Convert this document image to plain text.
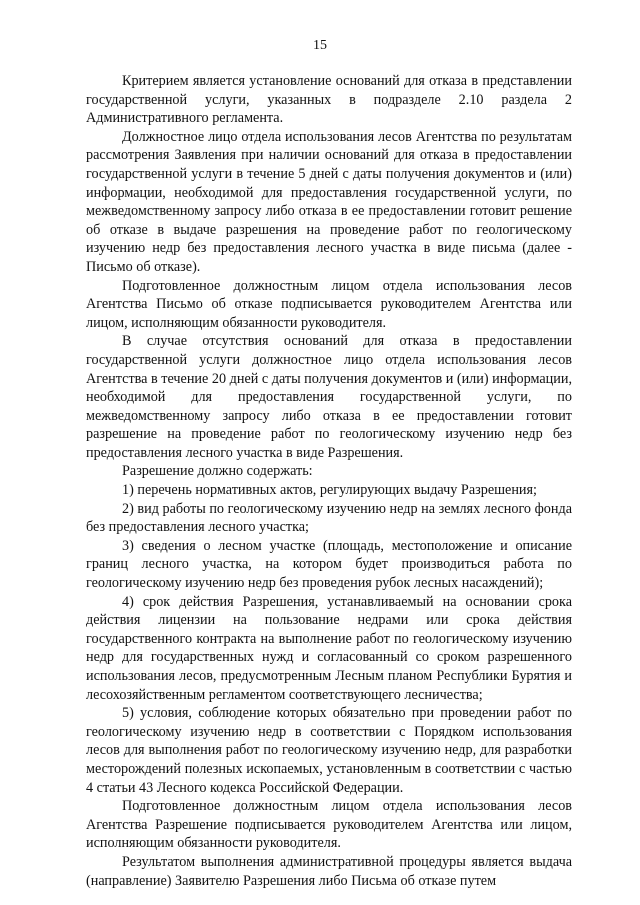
15

Критерием является установление оснований для отказа в представлении государственной услуги, указанных в подразделе 2.10 раздела 2 Административного регламента.

Должностное лицо отдела использования лесов Агентства по результатам рассмотрения Заявления при наличии оснований для отказа в предоставлении государственной услуги в течение 5 дней с даты получения документов и (или) информации, необходимой для предоставления государственной услуги, по межведомственному запросу либо отказа в ее предоставлении готовит решение об отказе в выдаче разрешения на проведение работ по геологическому изучению недр без предоставления лесного участка в виде письма (далее - Письмо об отказе).

Подготовленное должностным лицом отдела использования лесов Агентства Письмо об отказе подписывается руководителем Агентства или лицом, исполняющим обязанности руководителя.

В случае отсутствия оснований для отказа в предоставлении государственной услуги должностное лицо отдела использования лесов Агентства в течение 20 дней с даты получения документов и (или) информации, необходимой для предоставления государственной услуги, по межведомственному запросу либо отказа в ее предоставлении готовит разрешение на проведение работ по геологическому изучению недр без предоставления лесного участка в виде Разрешения.

Разрешение должно содержать:

1) перечень нормативных актов, регулирующих выдачу Разрешения;

2) вид работы по геологическому изучению недр на землях лесного фонда без предоставления лесного участка;

3) сведения о лесном участке (площадь, местоположение и описание границ лесного участка, на котором будет производиться работа по геологическому изучению недр без проведения рубок лесных насаждений);

4) срок действия Разрешения, устанавливаемый на основании срока действия лицензии на пользование недрами или срока действия государственного контракта на выполнение работ по геологическому изучению недр для государственных нужд и согласованный со сроком разрешенного использования лесов, предусмотренным Лесным планом Республики Бурятия и лесохозяйственным регламентом соответствующего лесничества;

5) условия, соблюдение которых обязательно при проведении работ по геологическому изучению недр в соответствии с Порядком использования лесов для выполнения работ по геологическому изучению недр, для разработки месторождений полезных ископаемых, установленным в соответствии с частью 4 статьи 43 Лесного кодекса Российской Федерации.

Подготовленное должностным лицом отдела использования лесов Агентства Разрешение подписывается руководителем Агентства или лицом, исполняющим обязанности руководителя.

Результатом выполнения административной процедуры является выдача (направление) Заявителю Разрешения либо Письма об отказе путем
